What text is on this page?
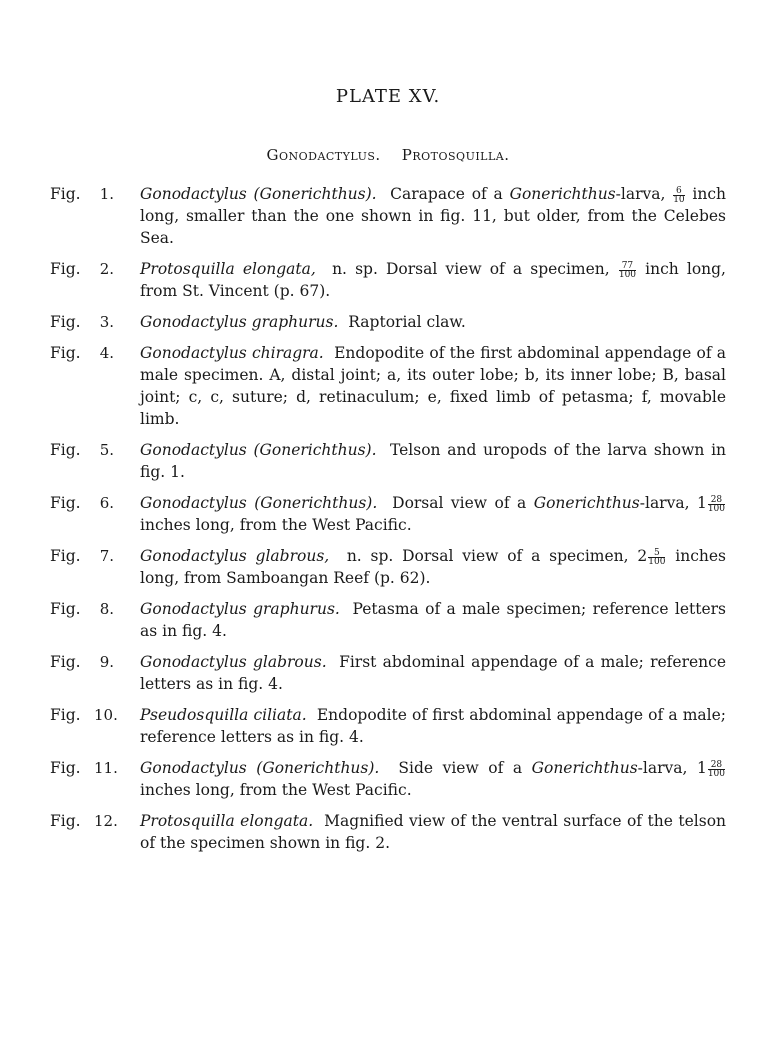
PLATE XV.
Gonodactylus. Protosquilla.
Fig.	1. Gonodactylus (Gonerichthus). Carapace of a Gonerichthus-larva, $\frac{6}{10}$ inch long, smaller than the one shown in fig. 11, but older, from the Celebes Sea.
Fig.	2. Protosquilla elongata, n. sp. Dorsal view of a specimen, $\frac{77}{100}$ inch long, from St. Vincent (p. 67).
Fig.	3. Gonodactylus graphurus. Raptorial claw.
Fig.	4. Gonodactylus chiragra. Endopodite of the first abdominal appendage of a male specimen. A, distal joint; a, its outer lobe; b, its inner lobe; B, basal joint; c, c, suture; d, retinaculum; e, fixed limb of petasma; f, movable limb.
Fig.	5. Gonodactylus (Gonerichthus). Telson and uropods of the larva shown in fig. 1.
Fig.	6. Gonodactylus (Gonerichthus). Dorsal view of a Gonerichthus-larva, $1 \frac{28}{100}$
inches long, from the West Pacific.
Fig.	7. Gonodactylus glabrous, n. sp. Dorsal view of a specimen, $2 \frac{5}{100}$ inches long, from Samboangan Reef (p. 62).
Fig.	8. Gonodactylus graphurus. Petasma of a male specimen; reference letters as in fig. 4.
Fig.	9. Gonodactylus glabrous. First abdominal appendage of a male; reference letters as in fig. 4.
Fig. 10. Pseudosquilla ciliata. Endopodite of first abdominal appendage of a male; reference letters as in fig. 4.
Fig. 11. Gonodactylus (Gonerichthus). Side view of a Gonerichthus-larva, $1 \frac{28}{100}$
inches long, from the West Pacific.
Fig. 12. Protosquilla elongata. Magnified view of the ventral surface of the telson of the specimen shown in fig. 2.
